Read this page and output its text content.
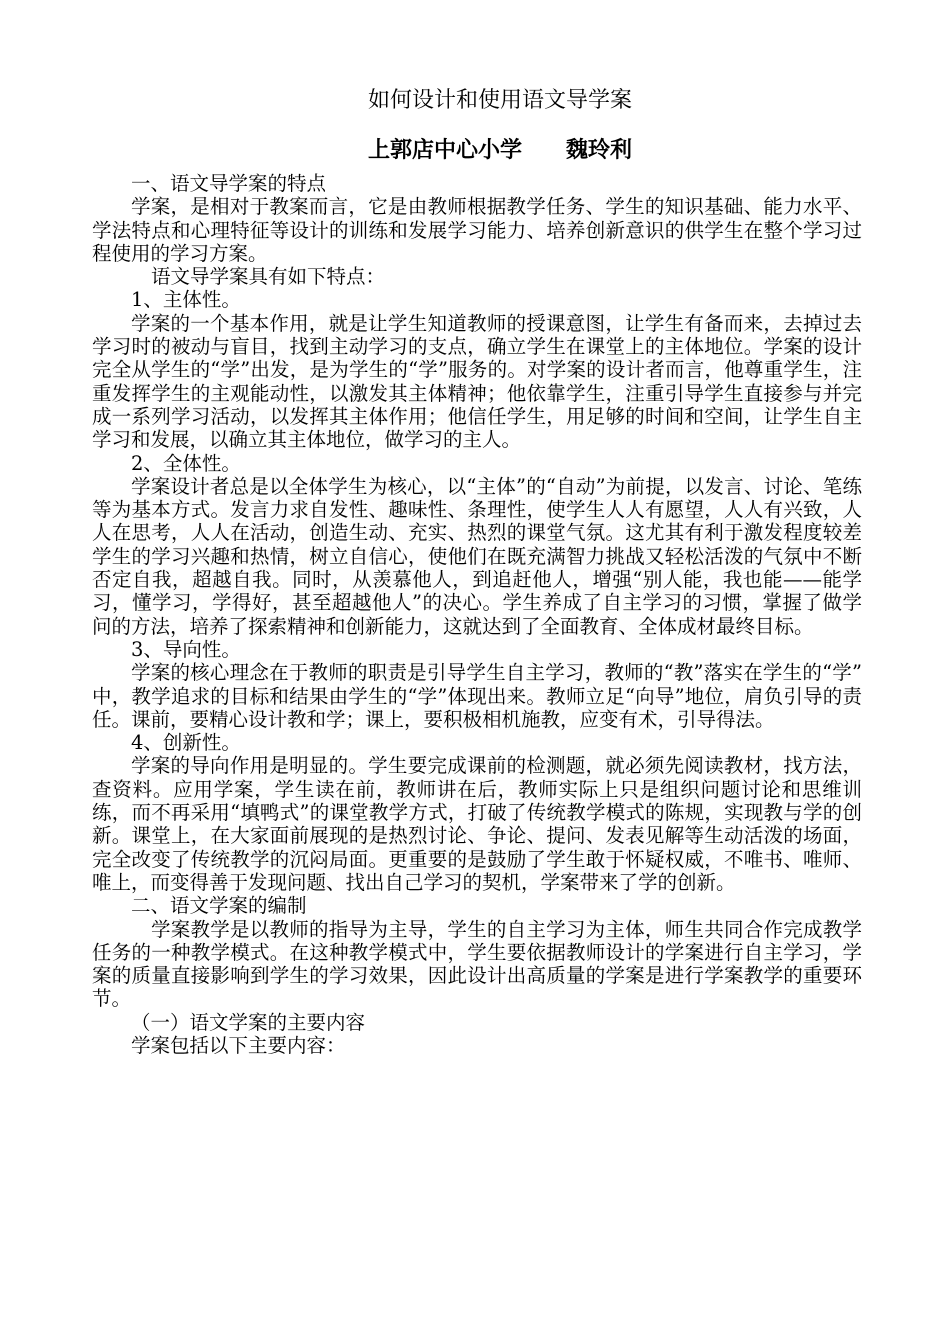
如何设计和使用语文导学案
上郭店中心小学 魏玲利

一、语文导学案的特点

学案，是相对于教案而言，它是由教师根据教学任务、学生的知识基础、能力水平、学法特点和心理特征等设计的训练和发展学习能力、培养创新意识的供学生在整个学习过程使用的学习方案。

语文导学案具有如下特点：

1、主体性。

学案的一个基本作用，就是让学生知道教师的授课意图，让学生有备而来，去掉过去学习时的被动与盲目，找到主动学习的支点，确立学生在课堂上的主体地位。学案的设计完全从学生的“学”出发，是为学生的“学”服务的。对学案的设计者而言，他尊重学生，注重发挥学生的主观能动性，以激发其主体精神；他依靠学生，注重引导学生直接参与并完成一系列学习活动，以发挥其主体作用；他信任学生，用足够的时间和空间，让学生自主学习和发展，以确立其主体地位，做学习的主人。

2、全体性。

学案设计者总是以全体学生为核心，以“主体”的“自动”为前提，以发言、讨论、笔练等为基本方式。发言力求自发性、趣味性、条理性，使学生人人有愿望，人人有兴致，人人在思考，人人在活动，创造生动、充实、热烈的课堂气氛。这尤其有利于激发程度较差学生的学习兴趣和热情，树立自信心，使他们在既充满智力挑战又轻松活泼的气氛中不断否定自我，超越自我。同时，从羡慕他人，到追赶他人，增强“别人能，我也能——能学习，懂学习，学得好，甚至超越他人”的决心。学生养成了自主学习的习惯，掌握了做学问的方法，培养了探索精神和创新能力，这就达到了全面教育、全体成材最终目标。

3、导向性。

学案的核心理念在于教师的职责是引导学生自主学习，教师的“教”落实在学生的“学” 中，教学追求的目标和结果由学生的“学”体现出来。教师立足“向导”地位，肩负引导的责任。课前，要精心设计教和学；课上，要积极相机施教，应变有术，引导得法。

4、创新性。

学案的导向作用是明显的。学生要完成课前的检测题，就必须先阅读教材，找方法，查资料。应用学案，学生读在前，教师讲在后，教师实际上只是组织问题讨论和思维训练，而不再采用“填鸭式”的课堂教学方式，打破了传统教学模式的陈规，实现教与学的创新。课堂上，在大家面前展现的是热烈讨论、争论、提问、发表见解等生动活泼的场面，完全改变了传统教学的沉闷局面。更重要的是鼓励了学生敢于怀疑权威，不唯书、唯师、唯上，而变得善于发现问题、找出自己学习的契机，学案带来了学的创新。

二、语文学案的编制

学案教学是以教师的指导为主导，学生的自主学习为主体，师生共同合作完成教学任务的一种教学模式。在这种教学模式中，学生要依据教师设计的学案进行自主学习，学案的质量直接影响到学生的学习效果，因此设计出高质量的学案是进行学案教学的重要环节。

（一）语文学案的主要内容

学案包括以下主要内容：
